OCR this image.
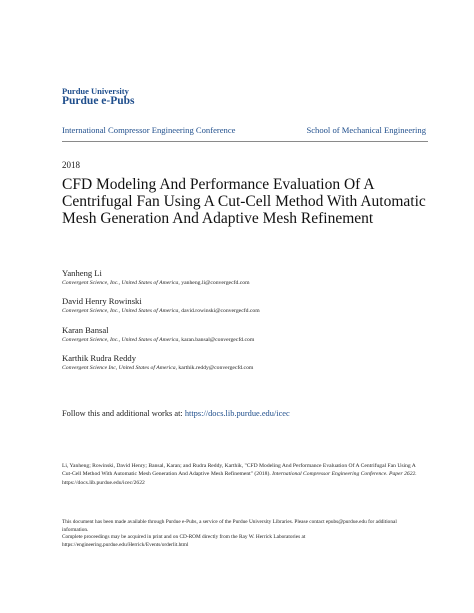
Purdue University
Purdue e-Pubs
International Compressor Engineering Conference	School of Mechanical Engineering
2018
CFD Modeling And Performance Evaluation Of A Centrifugal Fan Using A Cut-Cell Method With Automatic Mesh Generation And Adaptive Mesh Refinement
Yanheng Li
Convergent Science, Inc., United States of America, yanheng.li@convergecfd.com
David Henry Rowinski
Convergent Science, Inc., United States of America, david.rowinski@convergecfd.com
Karan Bansal
Convergent Science, Inc., United States of America, karan.bansal@convergecfd.com
Karthik Rudra Reddy
Convergent Science Inc, United States of America, karthik.reddy@convergecfd.com
Follow this and additional works at: https://docs.lib.purdue.edu/icec
Li, Yanheng; Rowinski, David Henry; Bansal, Karan; and Rudra Reddy, Karthik, "CFD Modeling And Performance Evaluation Of A Centrifugal Fan Using A Cut-Cell Method With Automatic Mesh Generation And Adaptive Mesh Refinement" (2018). International Compressor Engineering Conference. Paper 2622.
https://docs.lib.purdue.edu/icec/2622
This document has been made available through Purdue e-Pubs, a service of the Purdue University Libraries. Please contact epubs@purdue.edu for additional information.
Complete proceedings may be acquired in print and on CD-ROM directly from the Ray W. Herrick Laboratories at https://engineering.purdue.edu/Herrick/Events/orderlit.html
